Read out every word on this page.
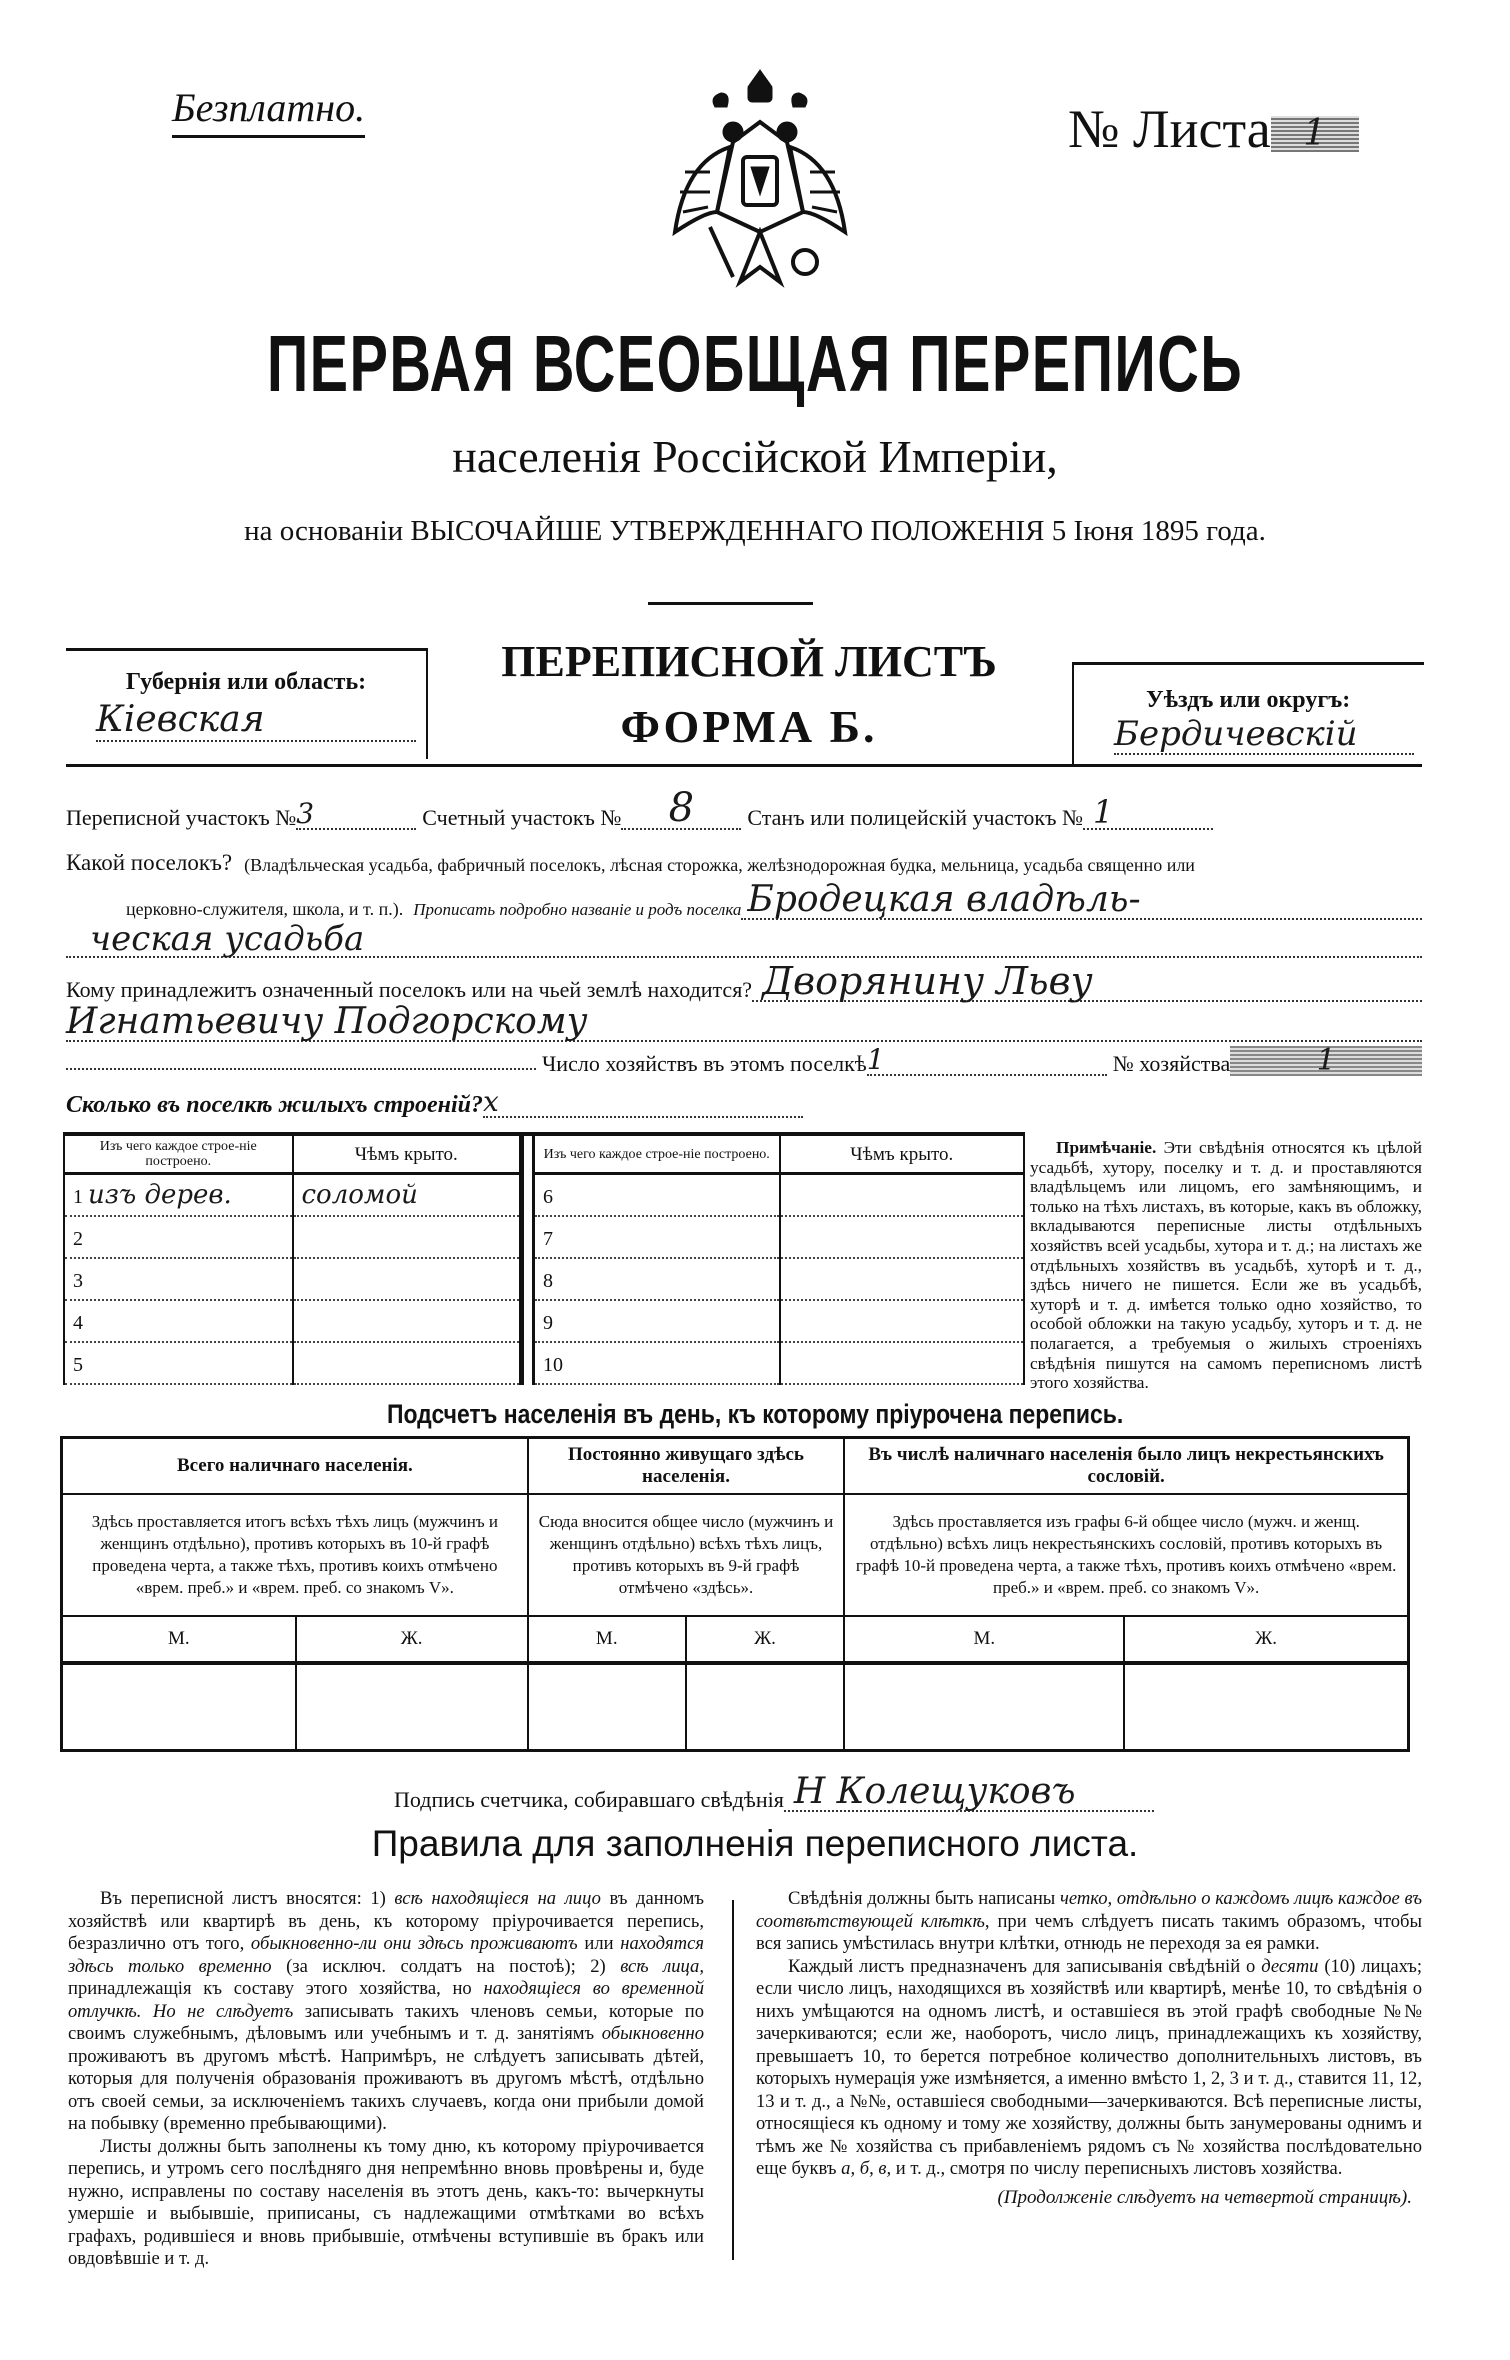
Безплатно.	№ Листа 1
ПЕРВАЯ ВСЕОБЩАЯ ПЕРЕПИСЬ
населенія Россійской Имперіи,
на основаніи ВЫСОЧАЙШЕ УТВЕРЖДЕННАГО ПОЛОЖЕНІЯ 5 Іюня 1895 года.
Губернія или область:
Кіевская
ПЕРЕПИСНОЙ ЛИСТЪ
ФОРМА Б.
Уѣздъ или округъ:
Бердичевскій
Переписной участокъ № 3	Счетный участокъ №	8	Станъ или полицейскій участокъ № 1
Какой поселокъ? (Владѣльческая усадьба, фабричный поселокъ, лѣсная сторожка, желѣзнодорожная будка, мельница, усадьба священно или
церковно-служителя, школа, и т. п.). Прописать подробно названіе и родъ поселка Бродецкая владѣль-
ческая усадьба
Кому принадлежитъ означенный поселокъ или на чьей землѣ находится? Дворянину Льву
Игнатьевичу Подгорскому
Число хозяйствъ въ этомъ поселкѣ 1	№ хозяйства	1
Сколько въ поселкѣ жилыхъ строеній? х
Изъ чего каждое строе-ніе построено.	Чѣмъ крыто.
1 изъ дерев.	соломой
2	
3	
4	
5	
Изъ чего каждое строе-ніе построено.	Чѣмъ крыто.
6	
7	
8	
9	
10	
Примѣчаніе. Эти свѣдѣнія относятся къ цѣлой усадьбѣ, хутору, поселку и т. д. и проставляются владѣльцемъ или лицомъ, его замѣняющимъ, и только на тѣхъ листахъ, въ которые, какъ въ обложку, вкладываются переписные листы отдѣльныхъ хозяйствъ всей усадьбы, хутора и т. д.; на листахъ же отдѣльныхъ хозяйствъ въ усадьбѣ, хуторѣ и т. д., здѣсь ничего не пишется. Если же въ усадьбѣ, хуторѣ и т. д. имѣется только одно хозяйство, то особой обложки на такую усадьбу, хуторъ и т. д. не полагается, а требуемыя о жилыхъ строеніяхъ свѣдѣнія пишутся на самомъ переписномъ листѣ этого хозяйства.
Подсчетъ населенія въ день, къ которому пріурочена перепись.
Всего наличнаго населенія.		Постоянно живущаго здѣсь населенія.		Въ числѣ наличнаго населенія было лицъ некрестьянскихъ сословій.	
Здѣсь проставляется итогъ всѣхъ тѣхъ лицъ (мужчинъ и женщинъ отдѣльно), противъ которыхъ въ 10-й графѣ проведена черта, а также тѣхъ, противъ коихъ отмѣчено «врем. преб.» и «врем. преб. со знакомъ V».		Сюда вносится общее число (мужчинъ и женщинъ отдѣльно) всѣхъ тѣхъ лицъ, противъ которыхъ въ 9-й графѣ отмѣчено «здѣсь».		Здѣсь проставляется изъ графы 6-й общее число (мужч. и женщ. отдѣльно) всѣхъ лицъ некрестьянскихъ сословій, противъ которыхъ въ графѣ 10-й проведена черта, а также тѣхъ, противъ коихъ отмѣчено «врем. преб.» и «врем. преб. со знакомъ V».	
М.	Ж.	М.	Ж.	М.	Ж.

Подпись счетчика, собиравшаго свѣдѣнія Н Колещуковъ
Правила для заполненія переписного листа.

Въ переписной листъ вносятся: 1) всѣ находящіеся на лицо въ данномъ хозяйствѣ или квартирѣ въ день, къ которому пріурочивается перепись, безразлично отъ того, обыкновенно-ли они здѣсь проживаютъ или находятся здѣсь только временно (за исключ. солдатъ на постоѣ); 2) всѣ лица, принадлежащія къ составу этого хозяйства, но находящіеся во временной отлучкѣ. Но не слѣдуетъ записывать такихъ членовъ семьи, которые по своимъ служебнымъ, дѣловымъ или учебнымъ и т. д. занятіямъ обыкновенно проживаютъ въ другомъ мѣстѣ. Напримѣръ, не слѣдуетъ записывать дѣтей, которыя для полученія образованія проживаютъ въ другомъ мѣстѣ, отдѣльно отъ своей семьи, за исключеніемъ такихъ случаевъ, когда они прибыли домой на побывку (временно пребывающими).

Листы должны быть заполнены къ тому дню, къ которому пріурочивается перепись, и утромъ сего послѣдняго дня непремѣнно вновь провѣрены и, буде нужно, исправлены по составу населенія въ этотъ день, какъ-то: вычеркнуты умершіе и выбывшіе, приписаны, съ надлежащими отмѣтками во всѣхъ графахъ, родившіеся и вновь прибывшіе, отмѣчены вступившіе въ бракъ или овдовѣвшіе и т. д.

Свѣдѣнія должны быть написаны четко, отдѣльно о каждомъ лицѣ каждое въ соотвѣтствующей клѣткѣ, при чемъ слѣдуетъ писать такимъ образомъ, чтобы вся запись умѣстилась внутри клѣтки, отнюдь не переходя за ея рамки.

Каждый листъ предназначенъ для записыванія свѣдѣній о десяти (10) лицахъ; если число лицъ, находящихся въ хозяйствѣ или квартирѣ, менѣе 10, то свѣдѣнія о нихъ умѣщаются на одномъ листѣ, и оставшіеся въ этой графѣ свободные №№ зачеркиваются; если же, наоборотъ, число лицъ, принадлежащихъ къ хозяйству, превышаетъ 10, то берется потребное количество дополнительныхъ листовъ, въ которыхъ нумерація уже измѣняется, а именно вмѣсто 1, 2, 3 и т. д., ставится 11, 12, 13 и т. д., а №№, оставшіеся свободными—зачеркиваются. Всѣ переписные листы, относящіеся къ одному и тому же хозяйству, должны быть занумерованы однимъ и тѣмъ же № хозяйства съ прибавленіемъ рядомъ съ № хозяйства послѣдовательно еще буквъ а, б, в, и т. д., смотря по числу переписныхъ листовъ хозяйства.

(Продолженіе слѣдуетъ на четвертой страницѣ).
